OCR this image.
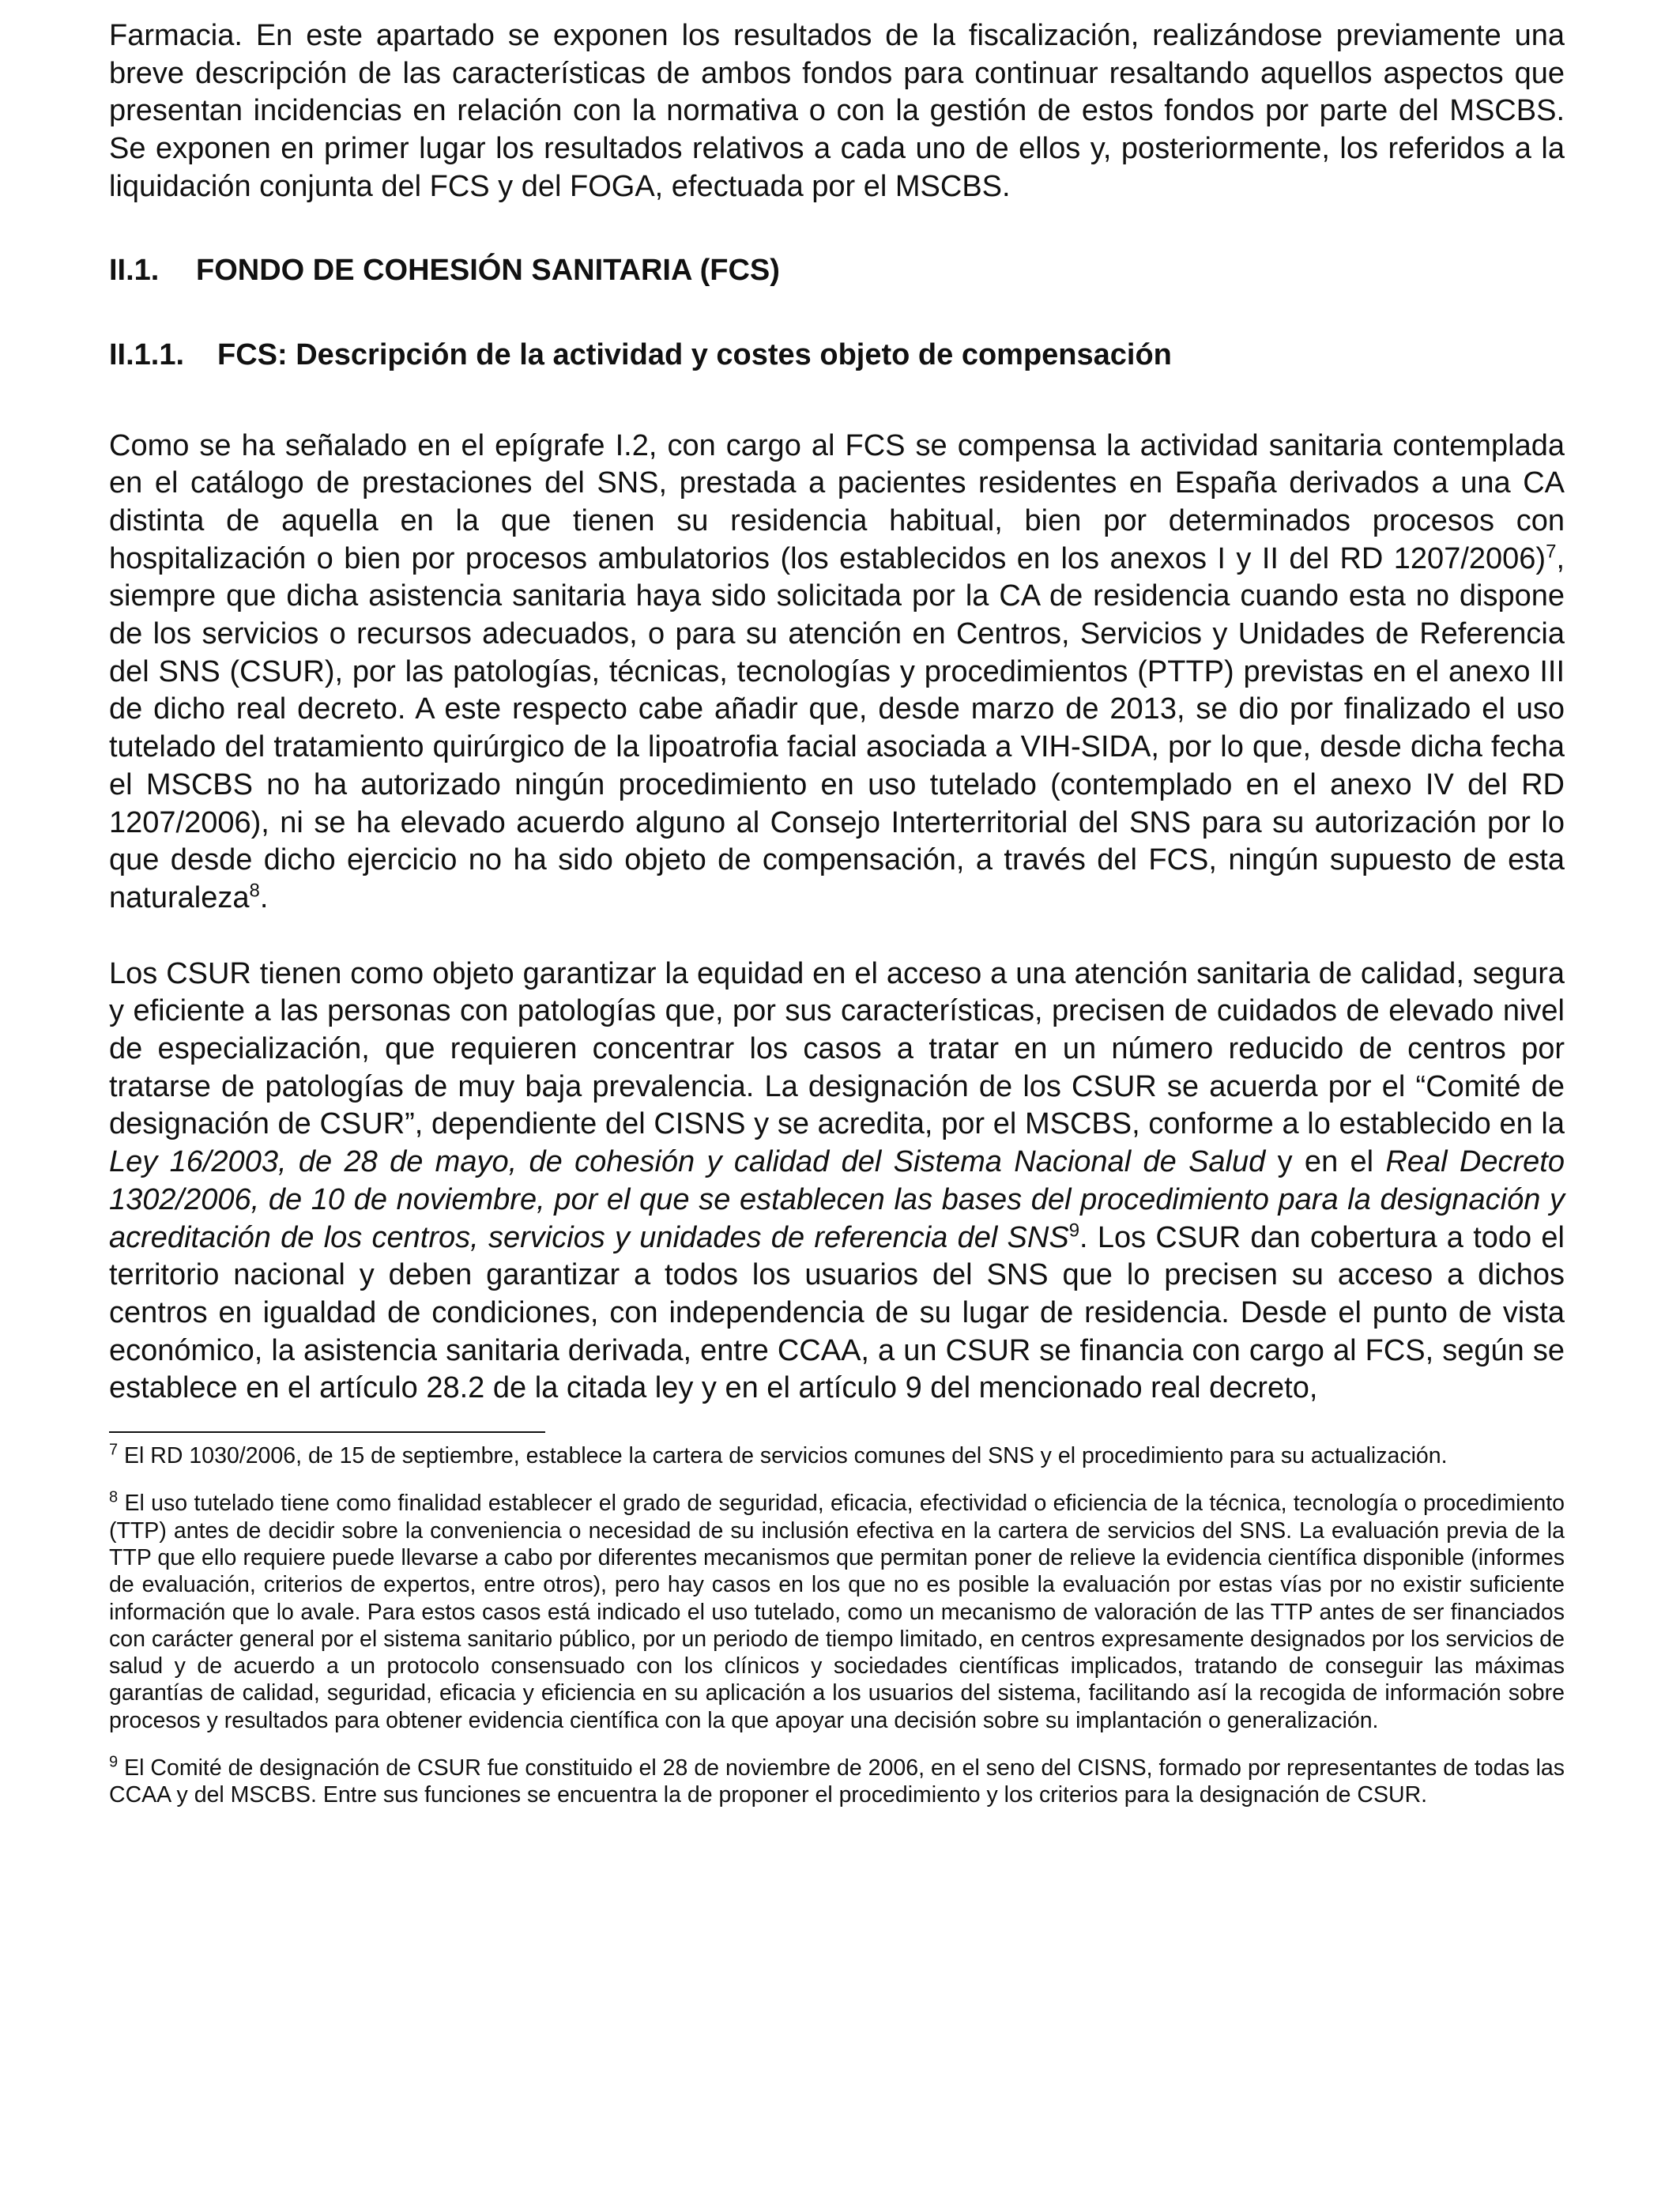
Farmacia. En este apartado se exponen los resultados de la fiscalización, realizándose previamente una breve descripción de las características de ambos fondos para continuar resaltando aquellos aspectos que presentan incidencias en relación con la normativa o con la gestión de estos fondos por parte del MSCBS. Se exponen en primer lugar los resultados relativos a cada uno de ellos y, posteriormente, los referidos a la liquidación conjunta del FCS y del FOGA, efectuada por el MSCBS.

II.1. FONDO DE COHESIÓN SANITARIA (FCS)
II.1.1. FCS: Descripción de la actividad y costes objeto de compensación

Como se ha señalado en el epígrafe I.2, con cargo al FCS se compensa la actividad sanitaria contemplada en el catálogo de prestaciones del SNS, prestada a pacientes residentes en España derivados a una CA distinta de aquella en la que tienen su residencia habitual, bien por determinados procesos con hospitalización o bien por procesos ambulatorios (los establecidos en los anexos I y II del RD 1207/2006)$^7$, siempre que dicha asistencia sanitaria haya sido solicitada por la CA de residencia cuando esta no dispone de los servicios o recursos adecuados, o para su atención en Centros, Servicios y Unidades de Referencia del SNS (CSUR), por las patologías, técnicas, tecnologías y procedimientos (PTTP) previstas en el anexo III de dicho real decreto. A este respecto cabe añadir que, desde marzo de 2013, se dio por finalizado el uso tutelado del tratamiento quirúrgico de la lipoatrofia facial asociada a VIH-SIDA, por lo que, desde dicha fecha el MSCBS no ha autorizado ningún procedimiento en uso tutelado (contemplado en el anexo IV del RD 1207/2006), ni se ha elevado acuerdo alguno al Consejo Interterritorial del SNS para su autorización por lo que desde dicho ejercicio no ha sido objeto de compensación, a través del FCS, ningún supuesto de esta naturaleza$^8$.

Los CSUR tienen como objeto garantizar la equidad en el acceso a una atención sanitaria de calidad, segura y eficiente a las personas con patologías que, por sus características, precisen de cuidados de elevado nivel de especialización, que requieren concentrar los casos a tratar en un número reducido de centros por tratarse de patologías de muy baja prevalencia. La designación de los CSUR se acuerda por el “Comité de designación de CSUR”, dependiente del CISNS y se acredita, por el MSCBS, conforme a lo establecido en la Ley 16/2003, de 28 de mayo, de cohesión y calidad del Sistema Nacional de Salud y en el Real Decreto 1302/2006, de 10 de noviembre, por el que se establecen las bases del procedimiento para la designación y acreditación de los centros, servicios y unidades de referencia del SNS$^9$. Los CSUR dan cobertura a todo el territorio nacional y deben garantizar a todos los usuarios del SNS que lo precisen su acceso a dichos centros en igualdad de condiciones, con independencia de su lugar de residencia. Desde el punto de vista económico, la asistencia sanitaria derivada, entre CCAA, a un CSUR se financia con cargo al FCS, según se establece en el artículo 28.2 de la citada ley y en el artículo 9 del mencionado real decreto,

$^7$ El RD 1030/2006, de 15 de septiembre, establece la cartera de servicios comunes del SNS y el procedimiento para su actualización.

$^8$ El uso tutelado tiene como finalidad establecer el grado de seguridad, eficacia, efectividad o eficiencia de la técnica, tecnología o procedimiento (TTP) antes de decidir sobre la conveniencia o necesidad de su inclusión efectiva en la cartera de servicios del SNS. La evaluación previa de la TTP que ello requiere puede llevarse a cabo por diferentes mecanismos que permitan poner de relieve la evidencia científica disponible (informes de evaluación, criterios de expertos, entre otros), pero hay casos en los que no es posible la evaluación por estas vías por no existir suficiente información que lo avale. Para estos casos está indicado el uso tutelado, como un mecanismo de valoración de las TTP antes de ser financiados con carácter general por el sistema sanitario público, por un periodo de tiempo limitado, en centros expresamente designados por los servicios de salud y de acuerdo a un protocolo consensuado con los clínicos y sociedades científicas implicados, tratando de conseguir las máximas garantías de calidad, seguridad, eficacia y eficiencia en su aplicación a los usuarios del sistema, facilitando así la recogida de información sobre procesos y resultados para obtener evidencia científica con la que apoyar una decisión sobre su implantación o generalización.

$^9$ El Comité de designación de CSUR fue constituido el 28 de noviembre de 2006, en el seno del CISNS, formado por representantes de todas las CCAA y del MSCBS. Entre sus funciones se encuentra la de proponer el procedimiento y los criterios para la designación de CSUR.
